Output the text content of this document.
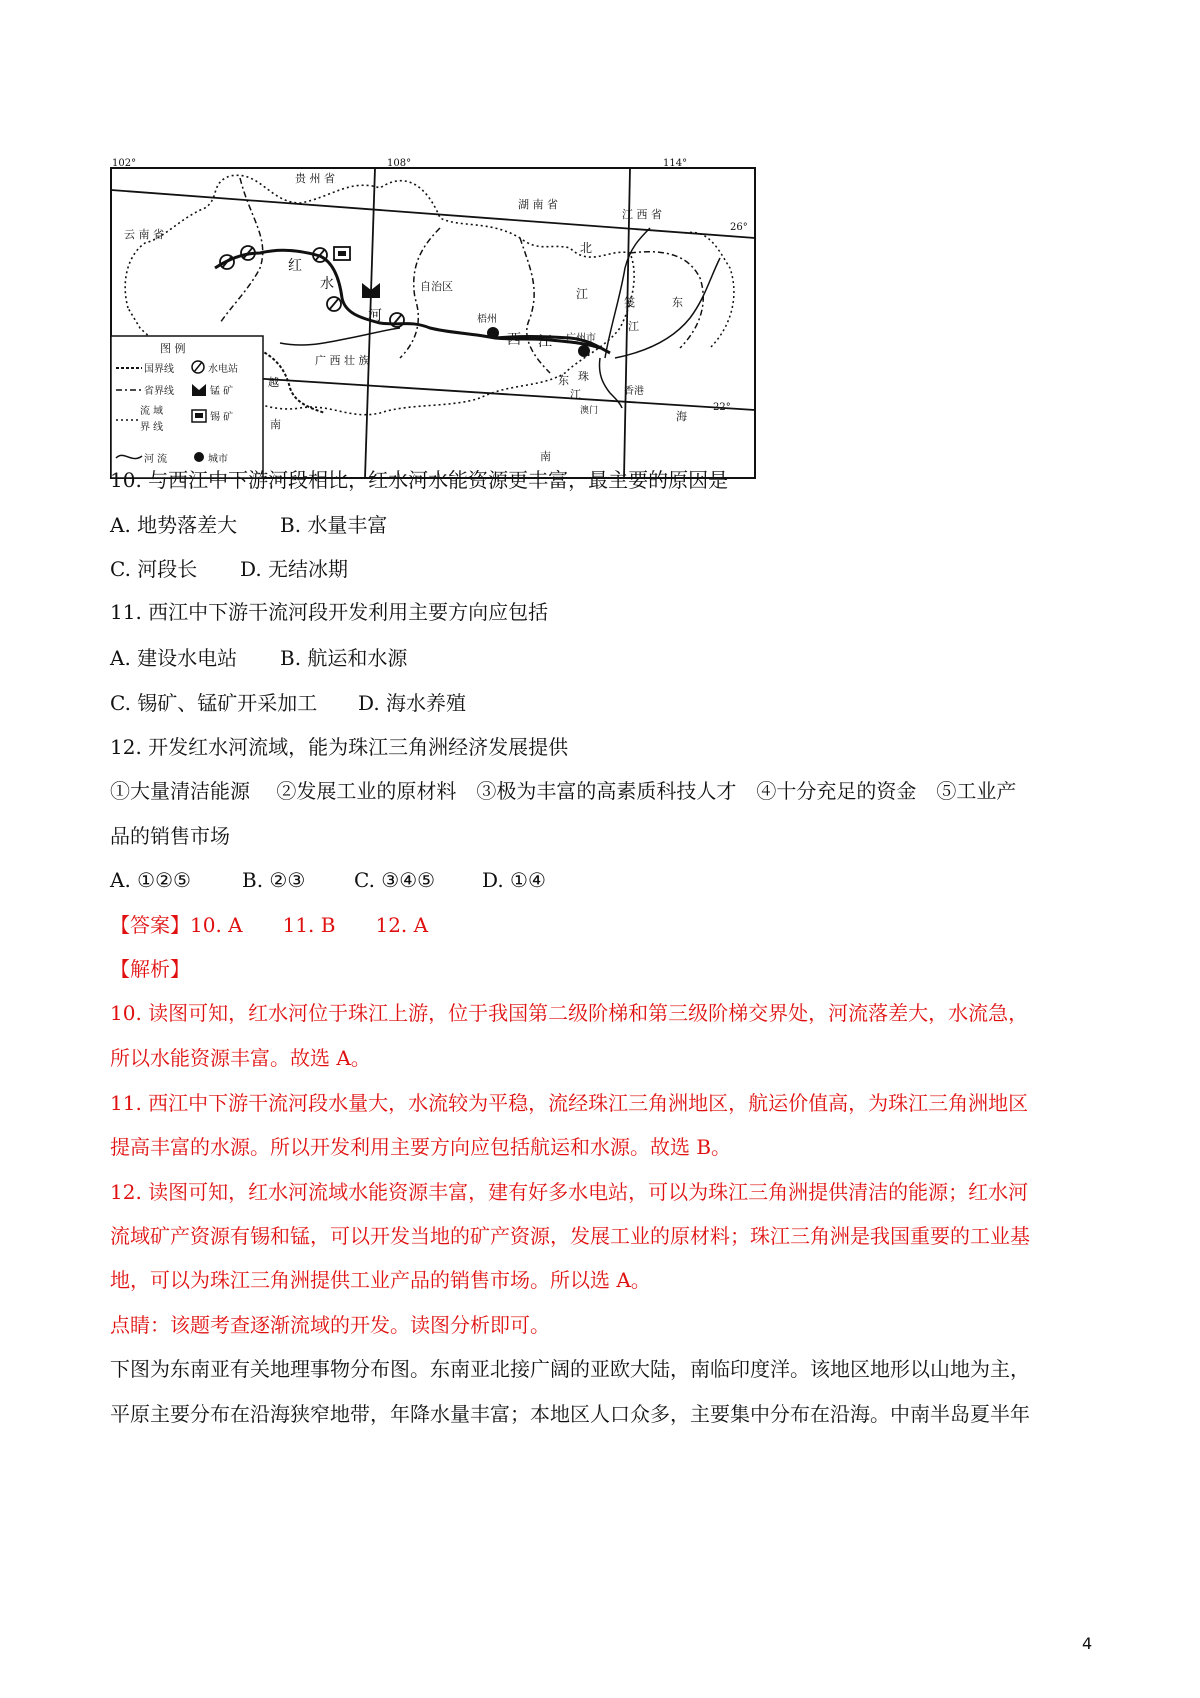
102°	108°	114°
26°
贵 州 省
湖 南 省
江 西 省
云 南 省
红
水
河
自治区
广 西 壮 族
梧州
西 江 广州市
北
江
笺	东
江
珠
东
江
澳门
香港
海
南
越
南
图 例
国界线	水电站
省界线	锰 矿
流 域
界 线
锡 矿
河 流	城市
10. 与西江中下游河段相比，红水河水能资源更丰富，最主要的原因是
A. 地势落差大 B. 水量丰富
C. 河段长 D. 无结冰期
11. 西江中下游干流河段开发利用主要方向应包括
A. 建设水电站 B. 航运和水源
C. 锡矿、锰矿开采加工 D. 海水养殖
12. 开发红水河流域，能为珠江三角洲经济发展提供
①大量清洁能源　 ②发展工业的原材料　③极为丰富的高素质科技人才　④十分充足的资金　⑤工业产
品的销售市场
A. ①②⑤	B. ②③ C. ③④⑤ D. ①④
【答案】10. A　　11. B　　12. A
【解析】
10. 读图可知，红水河位于珠江上游，位于我国第二级阶梯和第三级阶梯交界处，河流落差大，水流急，
所以水能资源丰富。故选 A。
11. 西江中下游干流河段水量大，水流较为平稳，流经珠江三角洲地区，航运价值高，为珠江三角洲地区
提高丰富的水源。所以开发利用主要方向应包括航运和水源。故选 B。
12. 读图可知，红水河流域水能资源丰富，建有好多水电站，可以为珠江三角洲提供清洁的能源；红水河
流域矿产资源有锡和锰，可以开发当地的矿产资源，发展工业的原材料；珠江三角洲是我国重要的工业基
地，可以为珠江三角洲提供工业产品的销售市场。所以选 A。
点睛：该题考查逐渐流域的开发。读图分析即可。
下图为东南亚有关地理事物分布图。东南亚北接广阔的亚欧大陆，南临印度洋。该地区地形以山地为主，
平原主要分布在沿海狭窄地带，年降水量丰富；本地区人口众多，主要集中分布在沿海。中南半岛夏半年
4
